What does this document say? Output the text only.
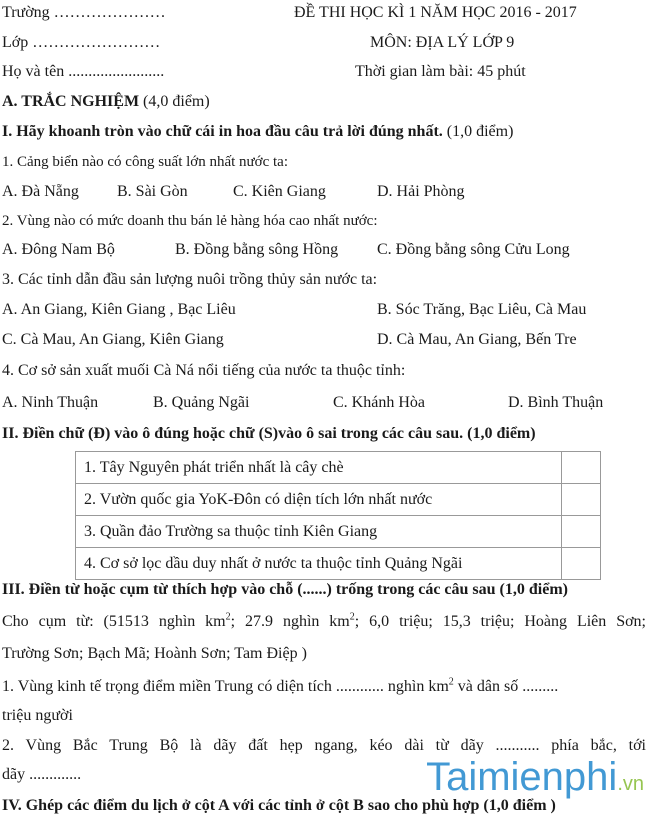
Trường …………………
Lớp ……………………
Họ và tên ........................
ĐỀ THI HỌC KÌ 1 NĂM HỌC 2016 - 2017
MÔN: ĐỊA LÝ LỚP 9
Thời gian làm bài: 45 phút
A. TRẮC NGHIỆM (4,0 điểm)
I. Hãy khoanh tròn vào chữ cái in hoa đầu câu trả lời đúng nhất. (1,0 điểm)
1. Cảng biển nào có công suất lớn nhất nước ta:
A. Đà Nẵng B. Sài Gòn	C. Kiên Giang	D. Hải Phòng
2. Vùng nào có mức doanh thu bán lẻ hàng hóa cao nhất nước:
A. Đông Nam Bộ	B. Đồng bằng sông Hồng C. Đồng bằng sông Cửu Long
3. Các tỉnh dẫn đầu sản lượng nuôi trồng thủy sản nước ta:
A. An Giang, Kiên Giang , Bạc Liêu	B. Sóc Trăng, Bạc Liêu, Cà Mau
C. Cà Mau, An Giang, Kiên Giang	D. Cà Mau, An Giang, Bến Tre
4. Cơ sở sản xuất muối Cà Ná nổi tiếng của nước ta thuộc tỉnh:
A. Ninh Thuận	B. Quảng Ngãi	C. Khánh Hòa	D. Bình Thuận
II. Điền chữ (Đ) vào ô đúng hoặc chữ (S)vào ô sai trong các câu sau. (1,0 điểm)
1. Tây Nguyên phát triển nhất là cây chè	
2. Vườn quốc gia YoK-Đôn có diện tích lớn nhất nước	
3. Quần đảo Trường sa thuộc tỉnh Kiên Giang	
4. Cơ sở lọc dầu duy nhất ở nước ta thuộc tỉnh Quảng Ngãi	
III. Điền từ hoặc cụm từ thích hợp vào chỗ (......) trống trong các câu sau (1,0 điểm)
Cho cụm từ: (51513 nghìn $km^2$; 27.9 nghìn $km^2$; 6,0 triệu; 15,3 triệu; Hoàng Liên Sơn;
Trường Sơn; Bạch Mã; Hoành Sơn; Tam Điệp )
1. Vùng kinh tế trọng điểm miền Trung có diện tích ............ nghìn $km^2$ và dân số .........
triệu người
2. Vùng Bắc Trung Bộ là dãy đất hẹp ngang, kéo dài từ dãy ........... phía bắc, tới
dãy .............
IV. Ghép các điểm du lịch ở cột A với các tỉnh ở cột B sao cho phù hợp (1,0 điểm )
Taimienphi.vn
